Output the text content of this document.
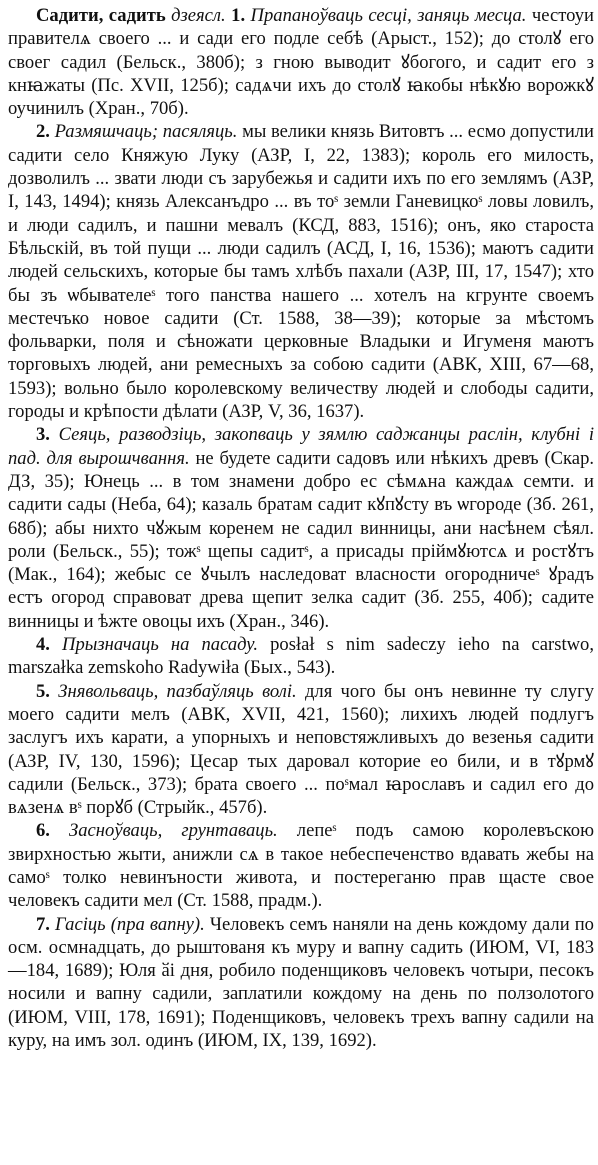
Садити, садить дзеясл. 1. Прапаноўваць сесці, заняць месца. честоуи правителѧ своего ... и сади его подле себѣ (Арыст., 152); до столꙋ его своег садил (Бельск., 380б); з гною выводит ꙋбогого, и садит его з кнꙗжаты (Пс. XVII, 125б); садѧчи ихъ до столꙋ ꙗкобы нѣкꙋю ворожкꙋ оучинилъ (Хран., 70б).

2. Размяшчаць; пасяляць. мы велики князь Витовтъ ... есмо допустили садити село Княжую Луку (АЗР, I, 22, 1383); король его милость, дозволилъ ... звати люди съ зарубежья и садити ихъ по его землямъ (АЗР, I, 143, 1494); князь Алексанъдро ... въ тоˢ земли Ганевицкоˢ ловы ловилъ, и люди садилъ, и пашни мевалъ (КСД, 883, 1516); онъ, яко староста Бѣльскiй, въ той пущи ... люди садилъ (АСД, I, 16, 1536); маютъ садити людей сельскихъ, которые бы тамъ хлѣбъ пахали (АЗР, III, 17, 1547); хто бы зъ ѡбывателеˢ того панства нашего ... хотелъ на кгрунте своемъ местечъко новое садити (Ст. 1588, 38—39); которые за мѣстомъ фольварки, поля и сѣножати церковные Владыки и Игуменя маютъ торговыхъ людей, ани ремесныхъ за собою садити (АВК, XIII, 67—68, 1593); вольно было королевскому величеству людей и слободы садити, городы и крѣпости дѣлати (АЗР, V, 36, 1637).

3. Сеяць, разводзіць, закопваць у зямлю саджанцы раслін, клубні і пад. для вырошчвання. не будете садити садовъ или нѣкихъ древъ (Скар. ДЗ, 35); Юнець ... в том знамени добро ес сѣмѧна каждаѧ семти. и садити сады (Неба, 64); казаль братам садит кꙋпꙋсту въ ѡгороде (Зб. 261, 68б); абы нихто чꙋжым коренем не садил винницы, ани насѣнем сѣял. роли (Бельск., 55); тожˢ щепы садитˢ, а присады прiймꙋютсѧ и ростꙋтъ (Мак., 164); жебыс се ꙋчылъ наследоват власности огородничеˢ ꙋрадъ естъ огород справоват древа щепит зелка садит (Зб. 255, 40б); садите винницы и ѣжте овоцы ихъ (Хран., 346).

4. Прызначаць на пасаду. posłał s nim sadeczy ieho na carstwo, marszałka zemskoho Radywiła (Бых., 543).

5. Знявольваць, пазбаўляць волі. для чого бы онъ невинне ту слугу моего садити мелъ (АВК, XVII, 421, 1560); лихихъ людей подлугъ заслугъ ихъ карати, а упорныхъ и неповстяжливыхъ до везенья садити (АЗР, IV, 130, 1596); Цесар тых даровал которие ео били, и в тꙋрмꙋ садили (Бельск., 373); брата своего ... поˢмал ꙗрославъ и садил его до вѧзенѧ вˢ порꙋб (Стрыйк., 457б).

6. Засноўваць, грунтаваць. лепеˢ подъ самою королевъскою звирхностью жыти, анижли сѧ в такое небеспеченство вдавать жебы на самоˢ толко невинъности живота, и постереганю прав щасте свое человекъ садити мел (Ст. 1588, прадм.).

7. Гасіць (пра вапну). Человекъ семъ наняли на день кождому дали по осм. осмнадцать, до рыштованя къ муру и вапну садить (ИЮМ, VI, 183—184, 1689); Юля ӑі дня, робило поденщиковъ человекъ чотыри, песокъ носили и вапну садили, заплатили кождому на день по ползолотого (ИЮМ, VIII, 178, 1691); Поденщиковъ, человекъ трехъ вапну садили на куру, на имъ зол. одинъ (ИЮМ, IX, 139, 1692).
